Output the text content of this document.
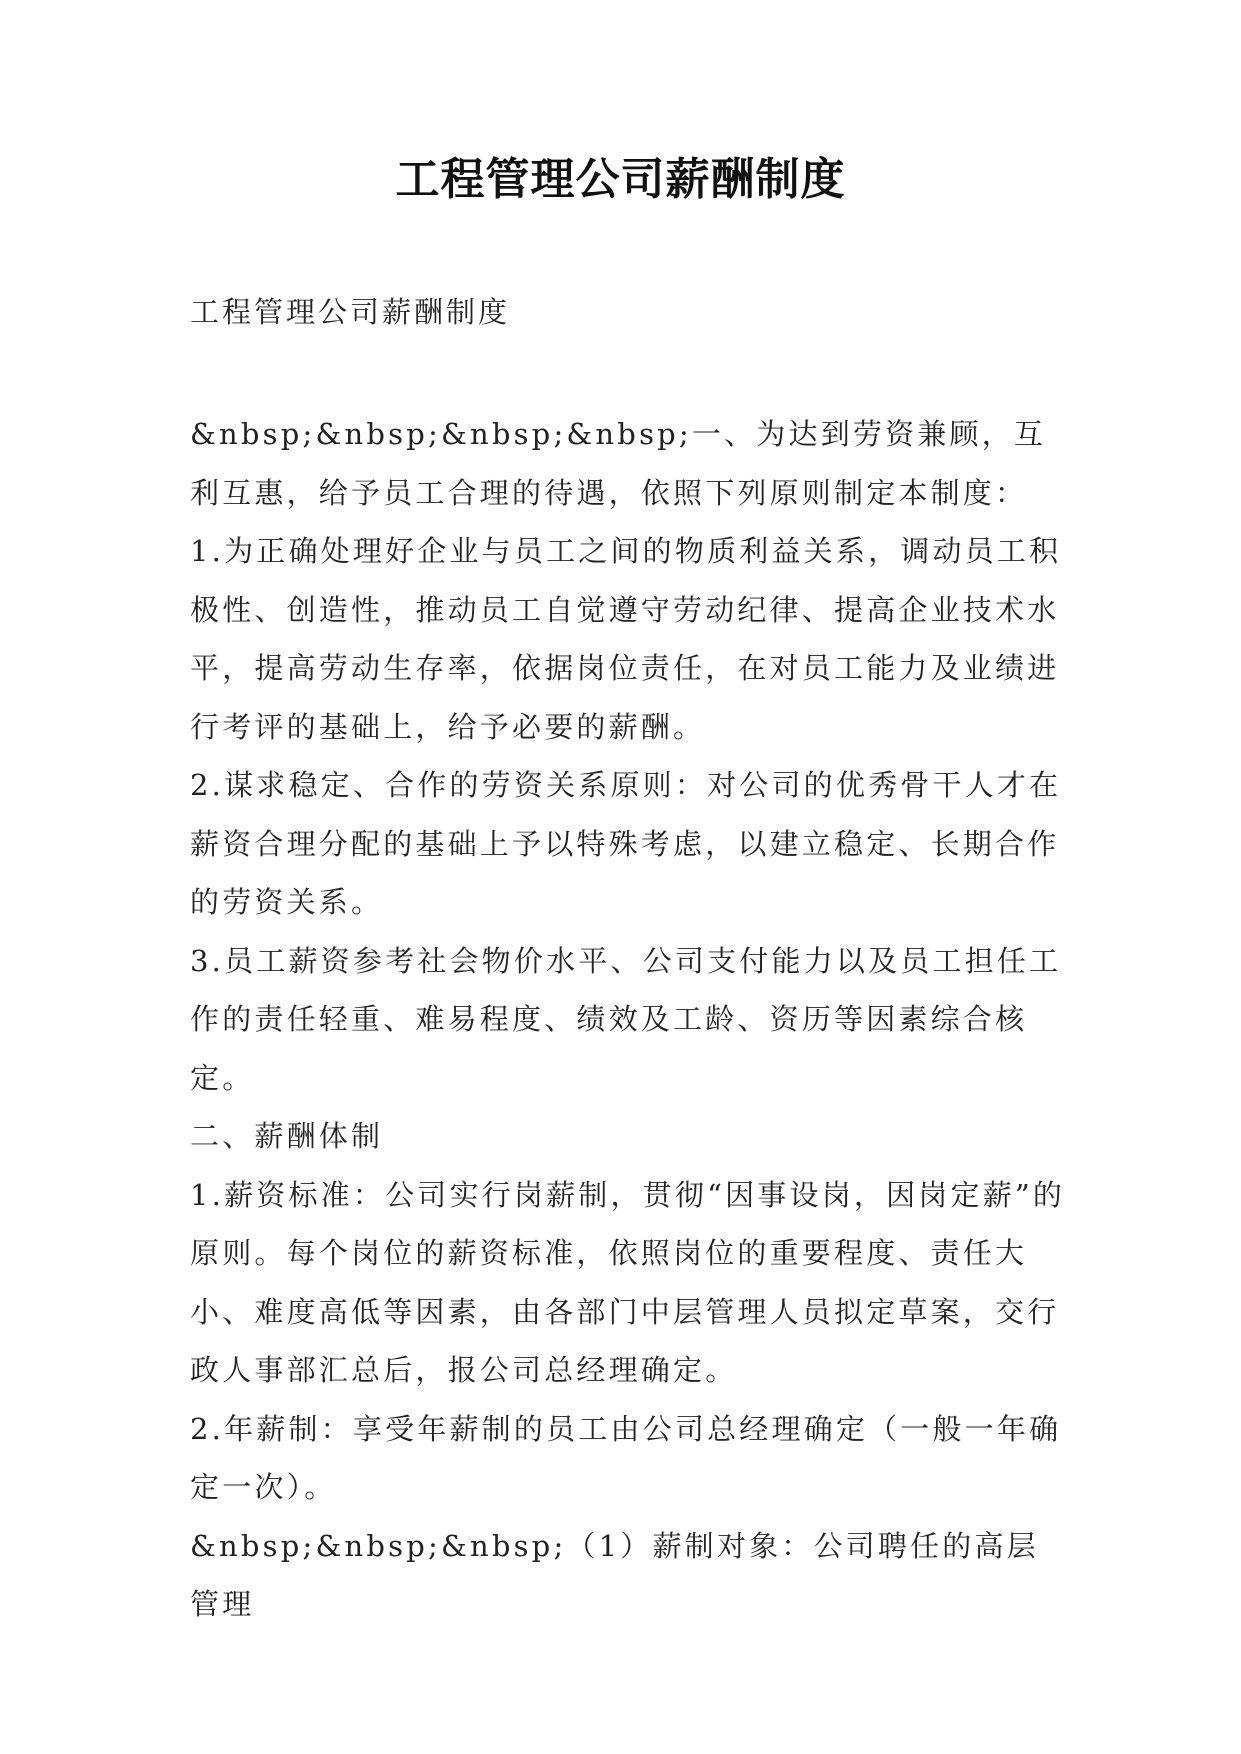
工程管理公司薪酬制度
工程管理公司薪酬制度

&nbsp;&nbsp;&nbsp;&nbsp;一、为达到劳资兼顾，互利互惠，给予员工合理的待遇，依照下列原则制定本制度：

1.为正确处理好企业与员工之间的物质利益关系，调动员工积极性、创造性，推动员工自觉遵守劳动纪律、提高企业技术水平，提高劳动生存率，依据岗位责任，在对员工能力及业绩进行考评的基础上，给予必要的薪酬。

2.谋求稳定、合作的劳资关系原则：对公司的优秀骨干人才在薪资合理分配的基础上予以特殊考虑，以建立稳定、长期合作的劳资关系。

3.员工薪资参考社会物价水平、公司支付能力以及员工担任工作的责任轻重、难易程度、绩效及工龄、资历等因素综合核定。

二、薪酬体制

1.薪资标准：公司实行岗薪制，贯彻“因事设岗，因岗定薪”的原则。每个岗位的薪资标准，依照岗位的重要程度、责任大小、难度高低等因素，由各部门中层管理人员拟定草案，交行政人事部汇总后，报公司总经理确定。

2.年薪制：享受年薪制的员工由公司总经理确定（一般一年确定一次）。

&nbsp;&nbsp;&nbsp;（1）薪制对象：公司聘任的高层管理
